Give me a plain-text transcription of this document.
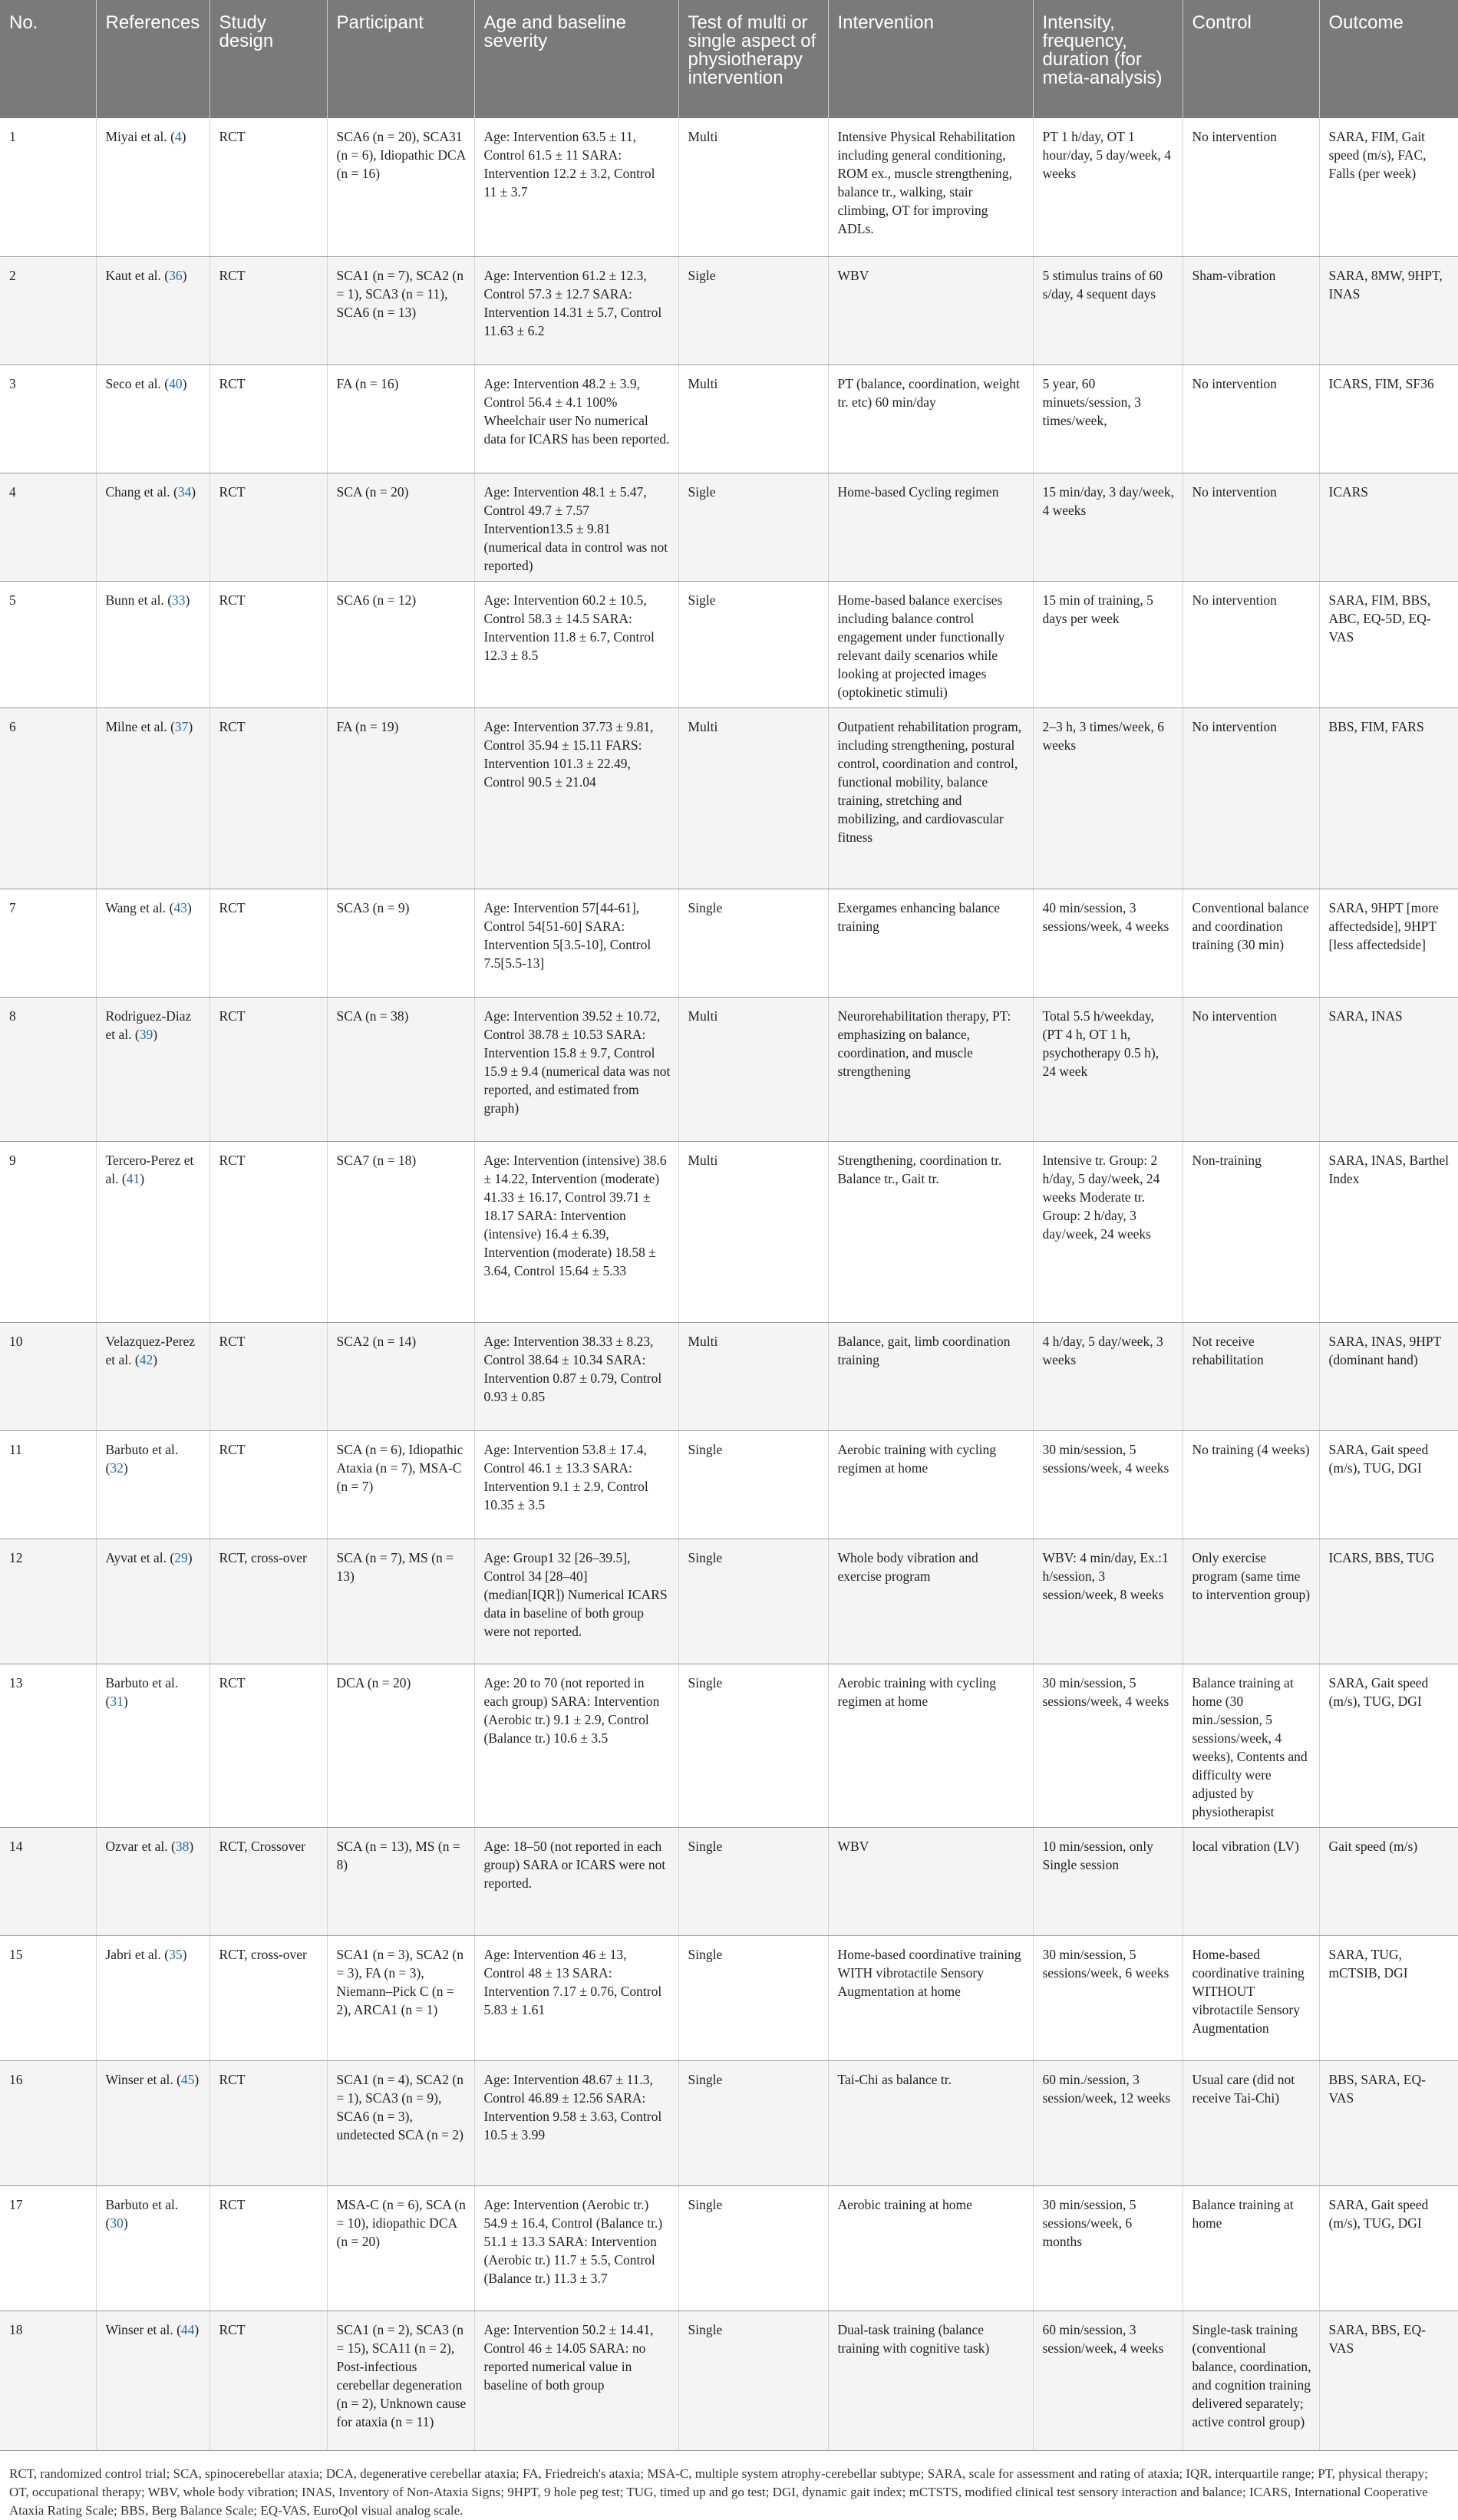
No.	References	Study design	Participant	Age and baseline severity	Test of multi or single aspect of physiotherapy intervention	Intervention	Intensity, frequency, duration (for meta-analysis)	Control	Outcome
1	Miyai et al. (4)	RCT	SCA6 (n = 20), SCA31 (n = 6), Idiopathic DCA (n = 16)	Age: Intervention 63.5 ± 11, Control 61.5 ± 11 SARA: Intervention 12.2 ± 3.2, Control 11 ± 3.7	Multi	Intensive Physical Rehabilitation including general conditioning, ROM ex., muscle strengthening, balance tr., walking, stair climbing, OT for improving ADLs.	PT 1 h/day, OT 1 hour/day, 5 day/week, 4 weeks	No intervention	SARA, FIM, Gait speed (m/s), FAC, Falls (per week)
2	Kaut et al. (36)	RCT	SCA1 (n = 7), SCA2 (n = 1), SCA3 (n = 11), SCA6 (n = 13)	Age: Intervention 61.2 ± 12.3, Control 57.3 ± 12.7 SARA: Intervention 14.31 ± 5.7, Control 11.63 ± 6.2	Sigle	WBV	5 stimulus trains of 60 s/day, 4 sequent days	Sham-vibration	SARA, 8MW, 9HPT, INAS
3	Seco et al. (40)	RCT	FA (n = 16)	Age: Intervention 48.2 ± 3.9, Control 56.4 ± 4.1 100% Wheelchair user No numerical data for ICARS has been reported.	Multi	PT (balance, coordination, weight tr. etc) 60 min/day	5 year, 60 minuets/session, 3 times/week,	No intervention	ICARS, FIM, SF36
4	Chang et al. (34)	RCT	SCA (n = 20)	Age: Intervention 48.1 ± 5.47, Control 49.7 ± 7.57 Intervention13.5 ± 9.81 (numerical data in control was not reported)	Sigle	Home-based Cycling regimen	15 min/day, 3 day/week, 4 weeks	No intervention	ICARS
5	Bunn et al. (33)	RCT	SCA6 (n = 12)	Age: Intervention 60.2 ± 10.5, Control 58.3 ± 14.5 SARA: Intervention 11.8 ± 6.7, Control 12.3 ± 8.5	Sigle	Home-based balance exercises including balance control engagement under functionally relevant daily scenarios while looking at projected images (optokinetic stimuli)	15 min of training, 5 days per week	No intervention	SARA, FIM, BBS, ABC, EQ-5D, EQ-VAS
6	Milne et al. (37)	RCT	FA (n = 19)	Age: Intervention 37.73 ± 9.81, Control 35.94 ± 15.11 FARS: Intervention 101.3 ± 22.49, Control 90.5 ± 21.04	Multi	Outpatient rehabilitation program, including strengthening, postural control, coordination and control, functional mobility, balance training, stretching and mobilizing, and cardiovascular fitness	2–3 h, 3 times/week, 6 weeks	No intervention	BBS, FIM, FARS
7	Wang et al. (43)	RCT	SCA3 (n = 9)	Age: Intervention 57[44-61], Control 54[51-60] SARA: Intervention 5[3.5-10], Control 7.5[5.5-13]	Single	Exergames enhancing balance training	40 min/session, 3 sessions/week, 4 weeks	Conventional balance and coordination training (30 min)	SARA, 9HPT [more affectedside], 9HPT [less affectedside]
8	Rodriguez-Diaz et al. (39)	RCT	SCA (n = 38)	Age: Intervention 39.52 ± 10.72, Control 38.78 ± 10.53 SARA: Intervention 15.8 ± 9.7, Control 15.9 ± 9.4 (numerical data was not reported, and estimated from graph)	Multi	Neurorehabilitation therapy, PT: emphasizing on balance, coordination, and muscle strengthening	Total 5.5 h/weekday, (PT 4 h, OT 1 h, psychotherapy 0.5 h), 24 week	No intervention	SARA, INAS
9	Tercero-Perez et al. (41)	RCT	SCA7 (n = 18)	Age: Intervention (intensive) 38.6 ± 14.22, Intervention (moderate) 41.33 ± 16.17, Control 39.71 ± 18.17 SARA: Intervention (intensive) 16.4 ± 6.39, Intervention (moderate) 18.58 ± 3.64, Control 15.64 ± 5.33	Multi	Strengthening, coordination tr. Balance tr., Gait tr.	Intensive tr. Group: 2 h/day, 5 day/week, 24 weeks Moderate tr. Group: 2 h/day, 3 day/week, 24 weeks	Non-training	SARA, INAS, Barthel Index
10	Velazquez-Perez et al. (42)	RCT	SCA2 (n = 14)	Age: Intervention 38.33 ± 8.23, Control 38.64 ± 10.34 SARA: Intervention 0.87 ± 0.79, Control 0.93 ± 0.85	Multi	Balance, gait, limb coordination training	4 h/day, 5 day/week, 3 weeks	Not receive rehabilitation	SARA, INAS, 9HPT (dominant hand)
11	Barbuto et al. (32)	RCT	SCA (n = 6), Idiopathic Ataxia (n = 7), MSA-C (n = 7)	Age: Intervention 53.8 ± 17.4, Control 46.1 ± 13.3 SARA: Intervention 9.1 ± 2.9, Control 10.35 ± 3.5	Single	Aerobic training with cycling regimen at home	30 min/session, 5 sessions/week, 4 weeks	No training (4 weeks)	SARA, Gait speed (m/s), TUG, DGI
12	Ayvat et al. (29)	RCT, cross-over	SCA (n = 7), MS (n = 13)	Age: Group1 32 [26–39.5], Control 34 [28–40] (median[IQR]) Numerical ICARS data in baseline of both group were not reported.	Single	Whole body vibration and exercise program	WBV: 4 min/day, Ex.:1 h/session, 3 session/week, 8 weeks	Only exercise program (same time to intervention group)	ICARS, BBS, TUG
13	Barbuto et al. (31)	RCT	DCA (n = 20)	Age: 20 to 70 (not reported in each group) SARA: Intervention (Aerobic tr.) 9.1 ± 2.9, Control (Balance tr.) 10.6 ± 3.5	Single	Aerobic training with cycling regimen at home	30 min/session, 5 sessions/week, 4 weeks	Balance training at home (30 min./session, 5 sessions/week, 4 weeks), Contents and difficulty were adjusted by physiotherapist	SARA, Gait speed (m/s), TUG, DGI
14	Ozvar et al. (38)	RCT, Crossover	SCA (n = 13), MS (n = 8)	Age: 18–50 (not reported in each group) SARA or ICARS were not reported.	Single	WBV	10 min/session, only Single session	local vibration (LV)	Gait speed (m/s)
15	Jabri et al. (35)	RCT, cross-over	SCA1 (n = 3), SCA2 (n = 3), FA (n = 3), Niemann–Pick C (n = 2), ARCA1 (n = 1)	Age: Intervention 46 ± 13, Control 48 ± 13 SARA: Intervention 7.17 ± 0.76, Control 5.83 ± 1.61	Single	Home-based coordinative training WITH vibrotactile Sensory Augmentation at home	30 min/session, 5 sessions/week, 6 weeks	Home-based coordinative training WITHOUT vibrotactile Sensory Augmentation	SARA, TUG, mCTSIB, DGI
16	Winser et al. (45)	RCT	SCA1 (n = 4), SCA2 (n = 1), SCA3 (n = 9), SCA6 (n = 3), undetected SCA (n = 2)	Age: Intervention 48.67 ± 11.3, Control 46.89 ± 12.56 SARA: Intervention 9.58 ± 3.63, Control 10.5 ± 3.99	Single	Tai-Chi as balance tr.	60 min./session, 3 session/week, 12 weeks	Usual care (did not receive Tai-Chi)	BBS, SARA, EQ-VAS
17	Barbuto et al. (30)	RCT	MSA-C (n = 6), SCA (n = 10), idiopathic DCA (n = 20)	Age: Intervention (Aerobic tr.) 54.9 ± 16.4, Control (Balance tr.) 51.1 ± 13.3 SARA: Intervention (Aerobic tr.) 11.7 ± 5.5, Control (Balance tr.) 11.3 ± 3.7	Single	Aerobic training at home	30 min/session, 5 sessions/week, 6 months	Balance training at home	SARA, Gait speed (m/s), TUG, DGI
18	Winser et al. (44)	RCT	SCA1 (n = 2), SCA3 (n = 15), SCA11 (n = 2), Post-infectious cerebellar degeneration (n = 2), Unknown cause for ataxia (n = 11)	Age: Intervention 50.2 ± 14.41, Control 46 ± 14.05 SARA: no reported numerical value in baseline of both group	Single	Dual-task training (balance training with cognitive task)	60 min/session, 3 session/week, 4 weeks	Single-task training (conventional balance, coordination, and cognition training delivered separately; active control group)	SARA, BBS, EQ-VAS
RCT, randomized control trial; SCA, spinocerebellar ataxia; DCA, degenerative cerebellar ataxia; FA, Friedreich's ataxia; MSA-C, multiple system atrophy-cerebellar subtype; SARA, scale for assessment and rating of ataxia; IQR, interquartile range; PT, physical therapy; OT, occupational therapy; WBV, whole body vibration; INAS, Inventory of Non-Ataxia Signs; 9HPT, 9 hole peg test; TUG, timed up and go test; DGI, dynamic gait index; mCTSTS, modified clinical test sensory interaction and balance; ICARS, International Cooperative Ataxia Rating Scale; BBS, Berg Balance Scale; EQ-VAS, EuroQol visual analog scale.
